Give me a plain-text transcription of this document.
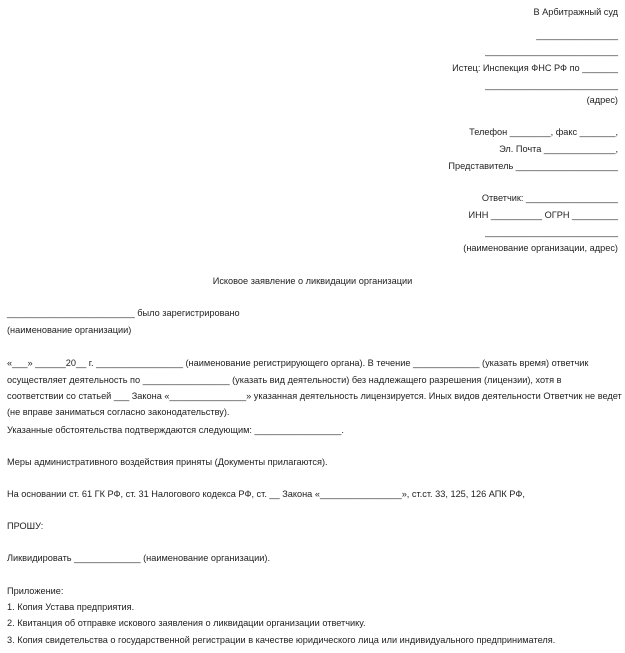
В Арбитражный суд
________________
__________________________
Истец: Инспекция ФНС РФ по _______
__________________________
(адрес)
Телефон ________, факс _______,
Эл. Почта ______________,
Представитель ____________________
Ответчик: __________________
ИНН __________ ОГРН _________
__________________________
(наименование организации, адрес)
Исковое заявление о ликвидации организации
_________________________ было зарегистрировано
(наименование организации)
«___» ______20__ г. _________________ (наименование регистрирующего органа). В течение _____________ (указать время) ответчик
осуществляет деятельность по _________________ (указать вид деятельности) без надлежащего разрешения (лицензии), хотя в
соответствии со статьей ___ Закона «_______________» указанная деятельность лицензируется. Иных видов деятельности Ответчик не ведет
(не вправе заниматься согласно законодательству).
Указанные обстоятельства подтверждаются следующим: _________________.
Меры административного воздействия приняты (Документы прилагаются).
На основании ст. 61 ГК РФ, ст. 31 Налогового кодекса РФ, ст. __ Закона «________________», ст.ст. 33, 125, 126 АПК РФ,
ПРОШУ:
Ликвидировать _____________ (наименование организации).
Приложение:
1. Копия Устава предприятия.
2. Квитанция об отправке искового заявления о ликвидации организации ответчику.
3. Копия свидетельства о государственной регистрации в качестве юридического лица или индивидуального предпринимателя.
